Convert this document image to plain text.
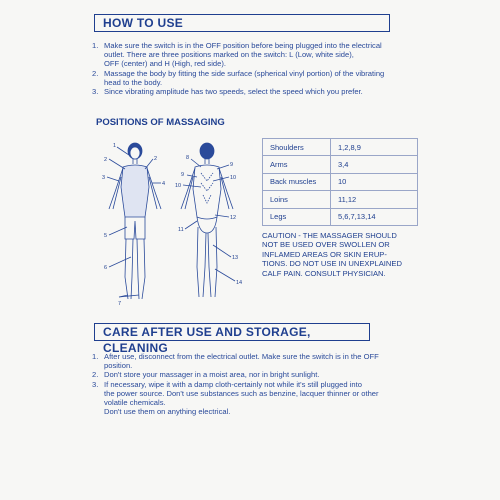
HOW TO USE
1. Make sure the switch is in the OFF position before being plugged into the electrical
outlet. There are three positions marked on the switch: L (Low, white side),
OFF (center) and H (High, red side).
2. Massage the body by fitting the side surface (spherical vinyl portion) of the vibrating
head to the body.
3. Since vibrating amplitude has two speeds, select the speed which you prefer.
POSITIONS OF MASSAGING
1
2	2
3
4
5
6
7
8
9
9	10
10
11
12
13
14
Shoulders	1,2,8,9
Arms	3,4
Back muscles	10
Loins	11,12
Legs	5,6,7,13,14
CAUTION - THE MASSAGER SHOULD
NOT BE USED OVER SWOLLEN OR
INFLAMED AREAS OR SKIN ERUP-
TIONS. DO NOT USE IN UNEXPLAINED
CALF PAIN. CONSULT PHYSICIAN.
CARE AFTER USE AND STORAGE, CLEANING
1. After use, disconnect from the electrical outlet. Make sure the switch is in the OFF
position.
2. Don't store your massager in a moist area, nor in bright sunlight.
3. If necessary, wipe it with a damp cloth-certainly not while it's still plugged into
the power source. Don't use substances such as benzine, lacquer thinner or other
volatile chemicals.
Don't use them on anything electrical.
